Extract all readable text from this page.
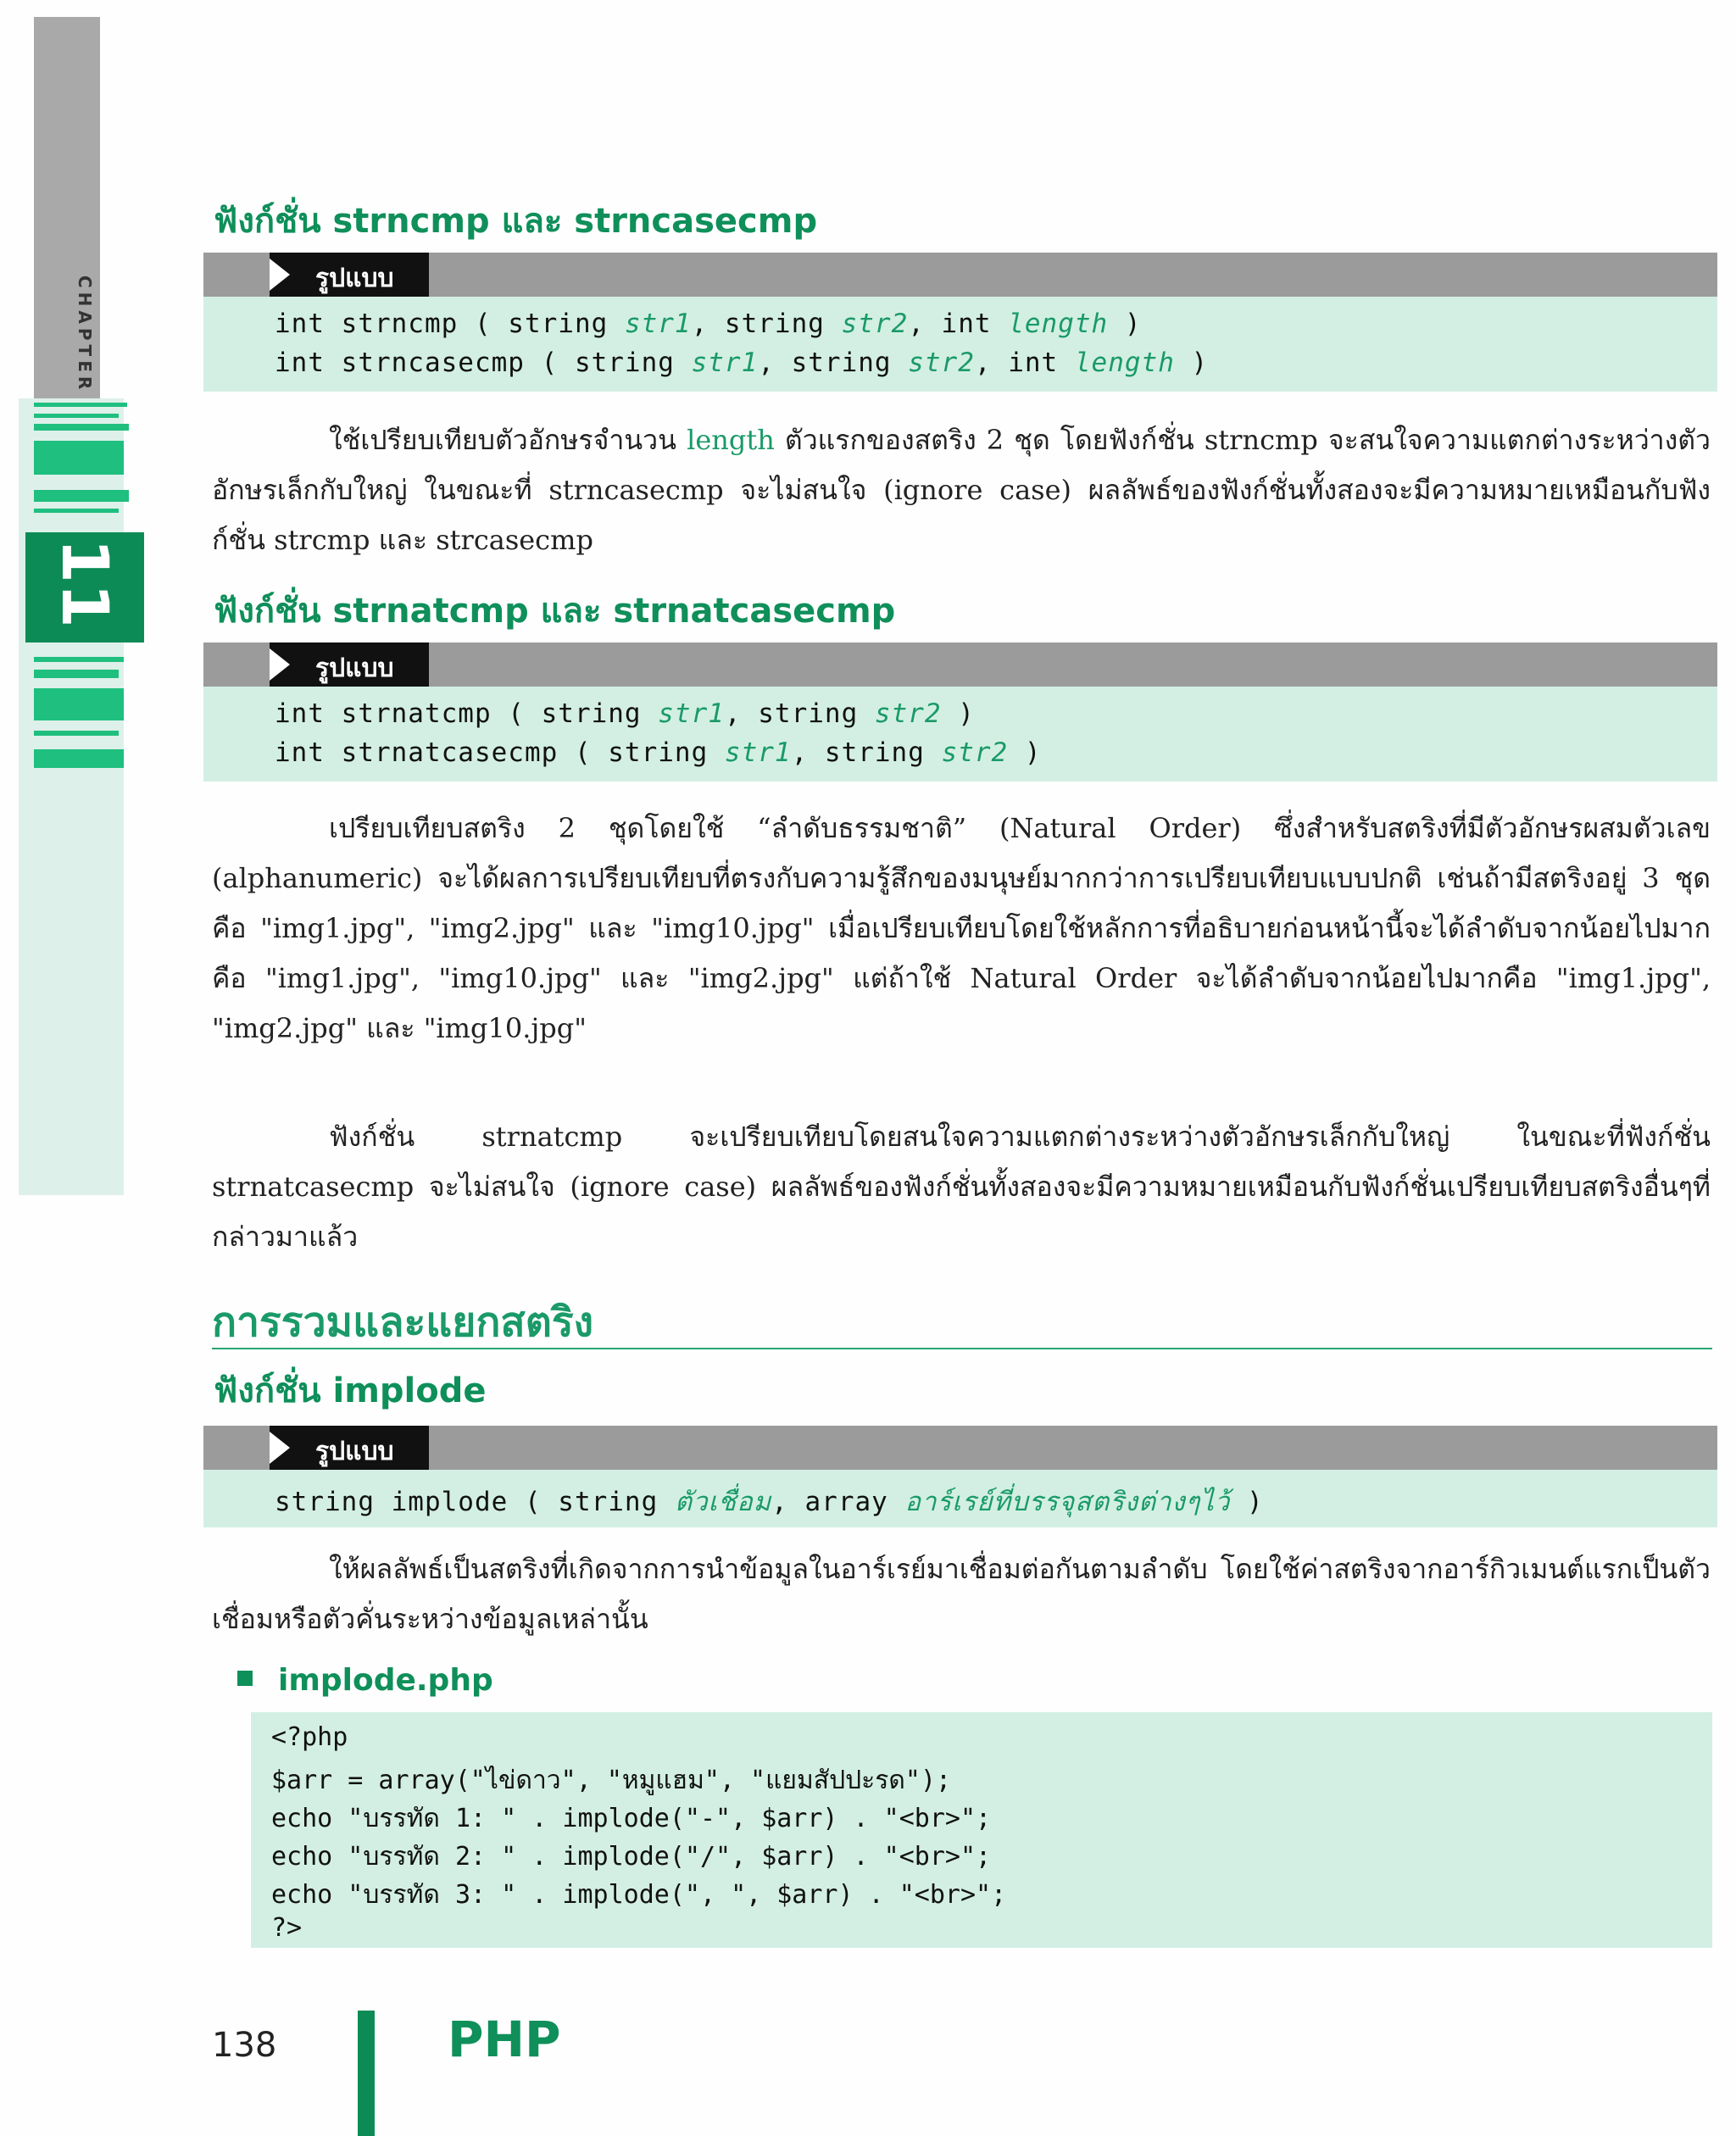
CHAPTER
11
ฟังก์ชั่น strncmp และ strncasecmp
รูปแบบ
int strncmp ( string str1, string str2, int length )
int strncasecmp ( string str1, string str2, int length )
ใช้เปรียบเทียบตัวอักษรจำนวน length ตัวแรกของสตริง 2 ชุด โดยฟังก์ชั่น strncmp จะสนใจความแตกต่างระหว่างตัวอักษรเล็กกับใหญ่ ในขณะที่ strncasecmp จะไม่สนใจ (ignore case) ผลลัพธ์ของฟังก์ชั่นทั้งสองจะมีความหมายเหมือนกับฟังก์ชั่น strcmp และ strcasecmp
ฟังก์ชั่น strnatcmp และ strnatcasecmp
รูปแบบ
int strnatcmp ( string str1, string str2 )
int strnatcasecmp ( string str1, string str2 )
เปรียบเทียบสตริง 2 ชุดโดยใช้ “ลำดับธรรมชาติ” (Natural Order) ซึ่งสำหรับสตริงที่มีตัวอักษรผสมตัวเลข (alphanumeric) จะได้ผลการเปรียบเทียบที่ตรงกับความรู้สึกของมนุษย์มากกว่าการเปรียบเทียบแบบปกติ เช่นถ้ามีสตริงอยู่ 3 ชุดคือ "img1.jpg", "img2.jpg" และ "img10.jpg" เมื่อเปรียบเทียบโดยใช้หลักการที่อธิบายก่อนหน้านี้จะได้ลำดับจากน้อยไปมากคือ "img1.jpg", "img10.jpg" และ "img2.jpg" แต่ถ้าใช้ Natural Order จะได้ลำดับจากน้อยไปมากคือ "img1.jpg", "img2.jpg" และ "img10.jpg"
ฟังก์ชั่น strnatcmp จะเปรียบเทียบโดยสนใจความแตกต่างระหว่างตัวอักษรเล็กกับใหญ่ ในขณะที่ฟังก์ชั่น strnatcasecmp จะไม่สนใจ (ignore case) ผลลัพธ์ของฟังก์ชั่นทั้งสองจะมีความหมายเหมือนกับฟังก์ชั่นเปรียบเทียบสตริงอื่นๆที่กล่าวมาแล้ว
การรวมและแยกสตริง
ฟังก์ชั่น implode
รูปแบบ
string implode ( string ตัวเชื่อม, array อาร์เรย์ที่บรรจุสตริงต่างๆไว้ )
ให้ผลลัพธ์เป็นสตริงที่เกิดจากการนำข้อมูลในอาร์เรย์มาเชื่อมต่อกันตามลำดับ โดยใช้ค่าสตริงจากอาร์กิวเมนต์แรกเป็นตัวเชื่อมหรือตัวคั่นระหว่างข้อมูลเหล่านั้น
implode.php
<?php
$arr = array("ไข่ดาว", "หมูแฮม", "แยมสัปปะรด");
echo "บรรทัด 1: " . implode("-", $arr) . "<br>";
echo "บรรทัด 2: " . implode("/", $arr) . "<br>";
echo "บรรทัด 3: " . implode(", ", $arr) . "<br>";
?>
138	PHP
